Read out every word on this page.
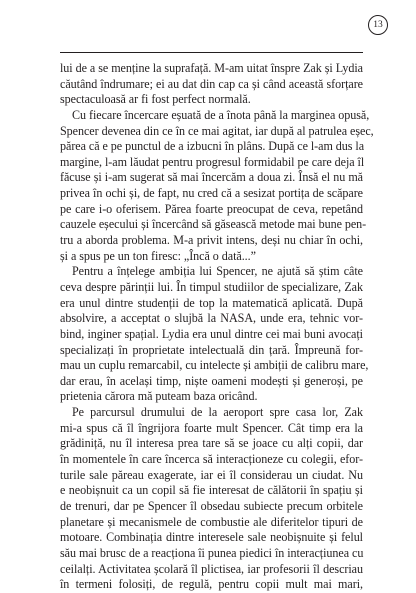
13
lui de a se menține la suprafață. M-am uitat înspre Zak și Lydia
căutând îndrumare; ei au dat din cap ca și când această sforțare
spectaculoasă ar fi fost perfect normală.
Cu fiecare încercare eșuată de a înota până la marginea opusă,
Spencer devenea din ce în ce mai agitat, iar după al patrulea eșec,
părea că e pe punctul de a izbucni în plâns. După ce l-am dus la
margine, l-am lăudat pentru progresul formidabil pe care deja îl
făcuse și i-am sugerat să mai încercăm a doua zi. Însă el nu mă
privea în ochi și, de fapt, nu cred că a sesizat portița de scăpare
pe care i-o oferisem. Părea foarte preocupat de ceva, repetând
cauzele eșecului și încercând să găsească metode mai bune pen-
tru a aborda problema. M-a privit intens, deși nu chiar în ochi,
și a spus pe un ton firesc: „Încă o dată...”
Pentru a înțelege ambiția lui Spencer, ne ajută să știm câte
ceva despre părinții lui. În timpul studiilor de specializare, Zak
era unul dintre studenții de top la matematică aplicată. După
absolvire, a acceptat o slujbă la NASA, unde era, tehnic vor-
bind, inginer spațial. Lydia era unul dintre cei mai buni avocați
specializați în proprietate intelectuală din țară. Împreună for-
mau un cuplu remarcabil, cu intelecte și ambiții de calibru mare,
dar erau, în același timp, niște oameni modești și generoși, pe
prietenia cărora mă puteam baza oricând.
Pe parcursul drumului de la aeroport spre casa lor, Zak
mi-a spus că îl îngrijora foarte mult Spencer. Cât timp era la
grădiniță, nu îl interesa prea tare să se joace cu alți copii, dar
în momentele în care încerca să interacționeze cu colegii, efor-
turile sale păreau exagerate, iar ei îl considerau un ciudat. Nu
e neobișnuit ca un copil să fie interesat de călătorii în spațiu și
de trenuri, dar pe Spencer îl obsedau subiecte precum orbitele
planetare și mecanismele de combustie ale diferitelor tipuri de
motoare. Combinația dintre interesele sale neobișnuite și felul
său mai brusc de a reacționa îi punea piedici în interacțiunea cu
ceilalți. Activitatea școlară îl plictisea, iar profesorii îl descriau
în termeni folosiți, de regulă, pentru copii mult mai mari,
